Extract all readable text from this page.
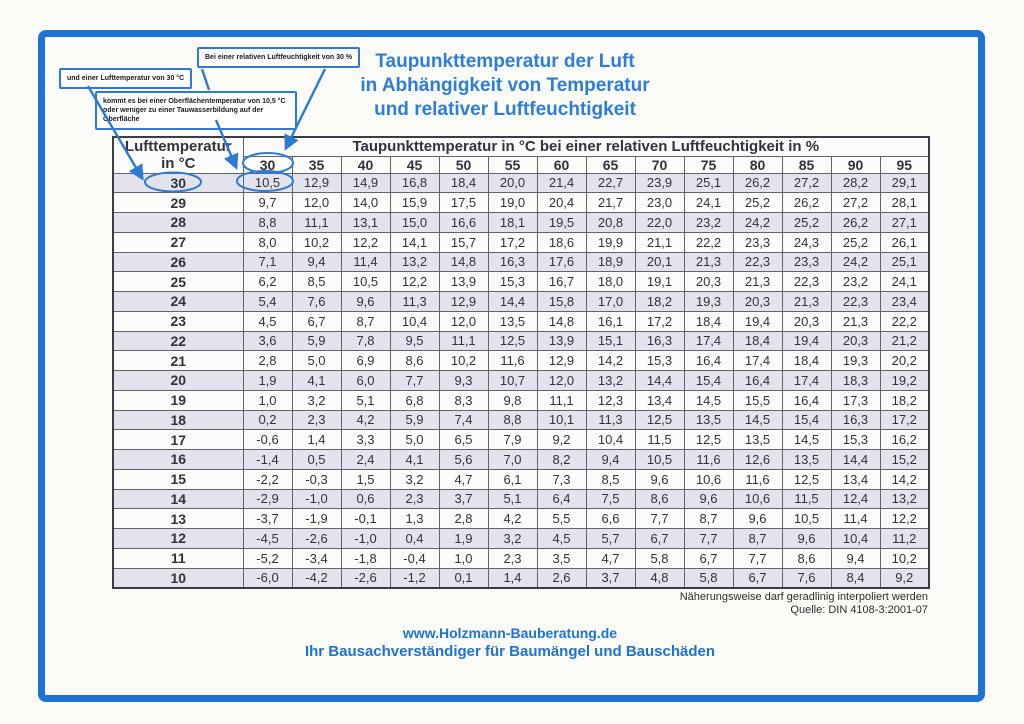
Taupunkttemperatur der Luft
in Abhängigkeit von Temperatur
und relativer Luftfeuchtigkeit
Bei einer relativen Luftfeuchtigkeit von 30 %
und einer Lufttemperatur von 30 °C
kommt es bei einer Oberflächentemperatur von 10,5 °C oder weniger zu einer Tauwasserbildung auf der Oberfläche
Lufttemperatur
in °C	Taupunkttemperatur in °C bei einer relativen Luftfeuchtigkeit in %													
	30	35	40	45	50	55	60	65	70	75	80	85	90	95
30	10,5	12,9	14,9	16,8	18,4	20,0	21,4	22,7	23,9	25,1	26,2	27,2	28,2	29,1
29	9,7	12,0	14,0	15,9	17,5	19,0	20,4	21,7	23,0	24,1	25,2	26,2	27,2	28,1
28	8,8	11,1	13,1	15,0	16,6	18,1	19,5	20,8	22,0	23,2	24,2	25,2	26,2	27,1
27	8,0	10,2	12,2	14,1	15,7	17,2	18,6	19,9	21,1	22,2	23,3	24,3	25,2	26,1
26	7,1	9,4	11,4	13,2	14,8	16,3	17,6	18,9	20,1	21,3	22,3	23,3	24,2	25,1
25	6,2	8,5	10,5	12,2	13,9	15,3	16,7	18,0	19,1	20,3	21,3	22,3	23,2	24,1
24	5,4	7,6	9,6	11,3	12,9	14,4	15,8	17,0	18,2	19,3	20,3	21,3	22,3	23,4
23	4,5	6,7	8,7	10,4	12,0	13,5	14,8	16,1	17,2	18,4	19,4	20,3	21,3	22,2
22	3,6	5,9	7,8	9,5	11,1	12,5	13,9	15,1	16,3	17,4	18,4	19,4	20,3	21,2
21	2,8	5,0	6,9	8,6	10,2	11,6	12,9	14,2	15,3	16,4	17,4	18,4	19,3	20,2
20	1,9	4,1	6,0	7,7	9,3	10,7	12,0	13,2	14,4	15,4	16,4	17,4	18,3	19,2
19	1,0	3,2	5,1	6,8	8,3	9,8	11,1	12,3	13,4	14,5	15,5	16,4	17,3	18,2
18	0,2	2,3	4,2	5,9	7,4	8,8	10,1	11,3	12,5	13,5	14,5	15,4	16,3	17,2
17	-0,6	1,4	3,3	5,0	6,5	7,9	9,2	10,4	11,5	12,5	13,5	14,5	15,3	16,2
16	-1,4	0,5	2,4	4,1	5,6	7,0	8,2	9,4	10,5	11,6	12,6	13,5	14,4	15,2
15	-2,2	-0,3	1,5	3,2	4,7	6,1	7,3	8,5	9,6	10,6	11,6	12,5	13,4	14,2
14	-2,9	-1,0	0,6	2,3	3,7	5,1	6,4	7,5	8,6	9,6	10,6	11,5	12,4	13,2
13	-3,7	-1,9	-0,1	1,3	2,8	4,2	5,5	6,6	7,7	8,7	9,6	10,5	11,4	12,2
12	-4,5	-2,6	-1,0	0,4	1,9	3,2	4,5	5,7	6,7	7,7	8,7	9,6	10,4	11,2
11	-5,2	-3,4	-1,8	-0,4	1,0	2,3	3,5	4,7	5,8	6,7	7,7	8,6	9,4	10,2
10	-6,0	-4,2	-2,6	-1,2	0,1	1,4	2,6	3,7	4,8	5,8	6,7	7,6	8,4	9,2
Näherungsweise darf geradlinig interpoliert werden
Quelle: DIN 4108-3:2001-07
www.Holzmann-Bauberatung.de
Ihr Bausachverständiger für Baumängel und Bauschäden
